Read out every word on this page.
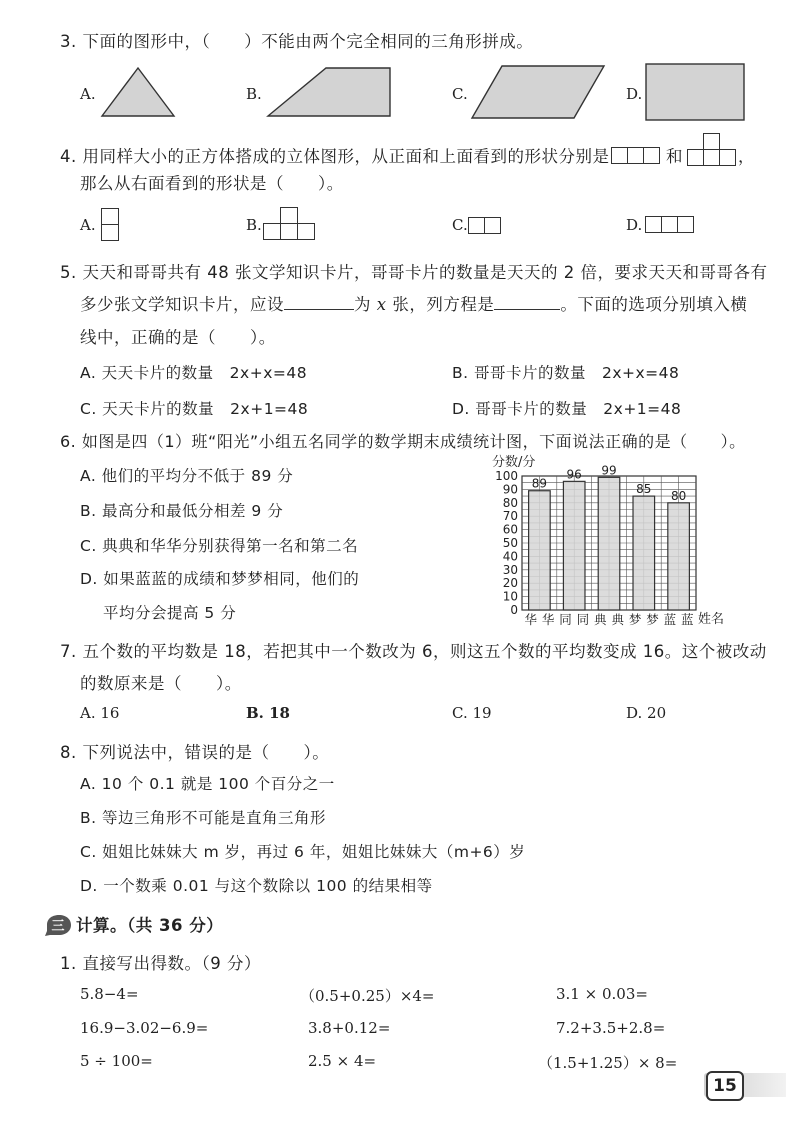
3. 下面的图形中，（　　）不能由两个完全相同的三角形拼成。
A.	B.	C.	D.
4. 用同样大小的正方体搭成的立体图形，从正面和上面看到的形状分别是	和	，
那么从右面看到的形状是（　　）。
A.	B.	C.	D.
5. 天天和哥哥共有 48 张文学知识卡片，哥哥卡片的数量是天天的 2 倍，要求天天和哥哥各有
多少张文学知识卡片，应设	为 x 张，列方程是	。下面的选项分别填入横
线中，正确的是（　　）。
A. 天天卡片的数量　2x+x=48	B. 哥哥卡片的数量　2x+x=48
C. 天天卡片的数量　2x+1=48	D. 哥哥卡片的数量　2x+1=48
6. 如图是四（1）班“阳光”小组五名同学的数学期末成绩统计图，下面说法正确的是（　　）。
A. 他们的平均分不低于 89 分
B. 最高分和最低分相差 9 分
C. 典典和华华分别获得第一名和第二名
D. 如果蓝蓝的成绩和梦梦相同，他们的
平均分会提高 5 分
分数/分
姓名
0
10
20
30
40
50
60
70
80
90
100
89
华 华
96
同 同
99
典 典
85
梦 梦
80
蓝 蓝
7. 五个数的平均数是 18，若把其中一个数改为 6，则这五个数的平均数变成 16。这个被改动
的数原来是（　　）。
A. 16	B. 18	C. 19	D. 20
8. 下列说法中，错误的是（　　）。
A. 10 个 0.1 就是 100 个百分之一
B. 等边三角形不可能是直角三角形
C. 姐姐比妹妹大 m 岁，再过 6 年，姐姐比妹妹大（m+6）岁
D. 一个数乘 0.01 与这个数除以 100 的结果相等
三 计算。（共 36 分）
1. 直接写出得数。（9 分）
5.8−4=	（0.5+0.25）×4=	3.1 × 0.03=
16.9−3.02−6.9=	3.8+0.12=	7.2+3.5+2.8=
5 ÷ 100=	2.5 × 4=	（1.5+1.25）× 8=
15
